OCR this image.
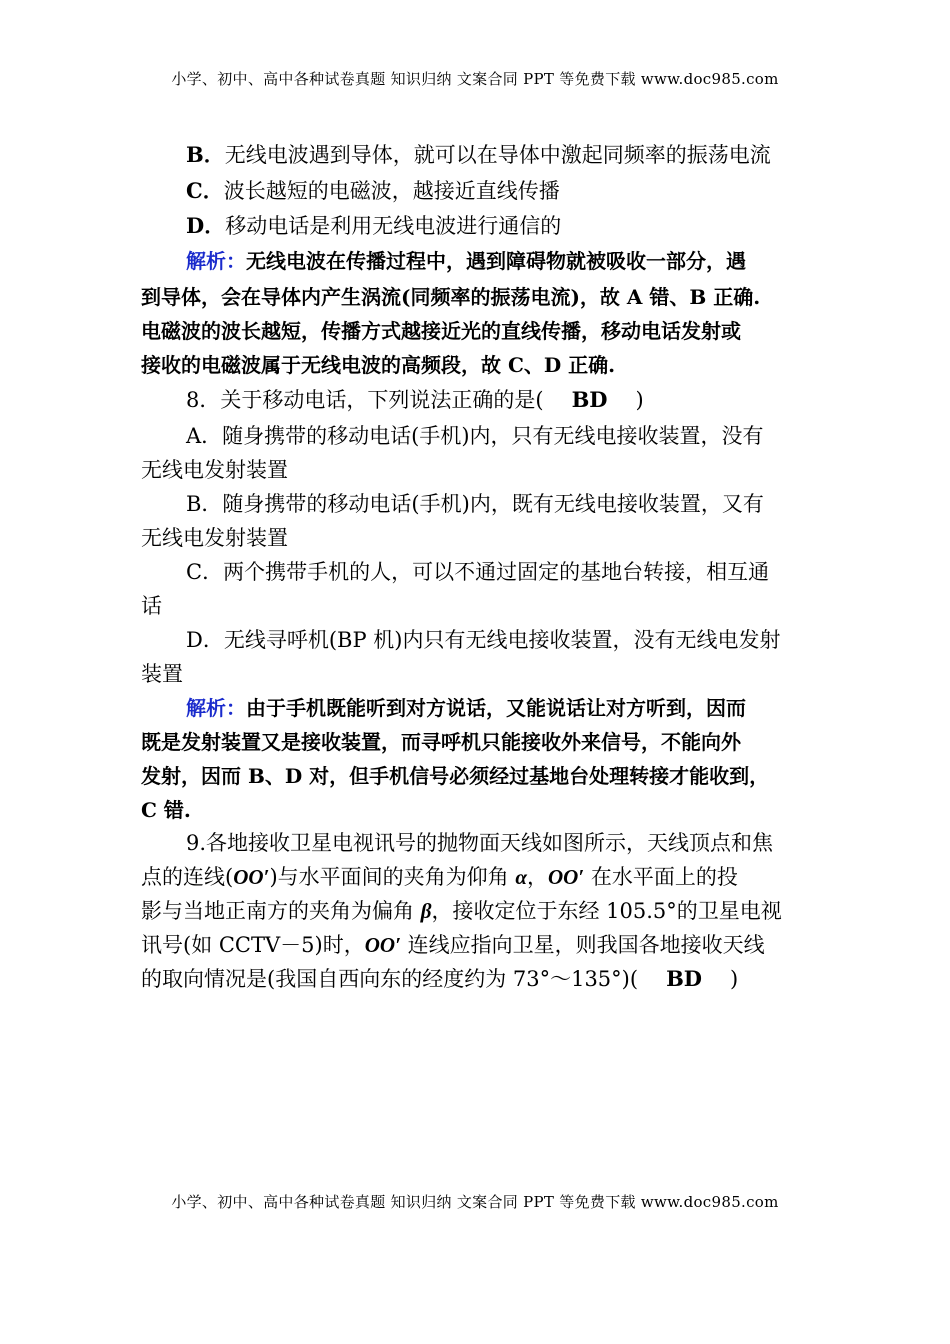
小学、初中、高中各种试卷真题 知识归纳 文案合同 PPT 等免费下载 www.doc985.com
B．无线电波遇到导体，就可以在导体中激起同频率的振荡电流
C．波长越短的电磁波，越接近直线传播
D．移动电话是利用无线电波进行通信的
解析：无线电波在传播过程中，遇到障碍物就被吸收一部分，遇
到导体，会在导体内产生涡流(同频率的振荡电流)，故 A 错、B 正确.
电磁波的波长越短，传播方式越接近光的直线传播，移动电话发射或
接收的电磁波属于无线电波的高频段，故 C、D 正确.
8．关于移动电话，下列说法正确的是( BD )
A．随身携带的移动电话(手机)内，只有无线电接收装置，没有
无线电发射装置
B．随身携带的移动电话(手机)内，既有无线电接收装置，又有
无线电发射装置
C．两个携带手机的人，可以不通过固定的基地台转接，相互通
话
D．无线寻呼机(BP 机)内只有无线电接收装置，没有无线电发射
装置
解析：由于手机既能听到对方说话，又能说话让对方听到，因而
既是发射装置又是接收装置，而寻呼机只能接收外来信号，不能向外
发射，因而 B、D 对，但手机信号必须经过基地台处理转接才能收到，
C 错.
9.各地接收卫星电视讯号的抛物面天线如图所示，天线顶点和焦
点的连线(OO′)与水平面间的夹角为仰角 α，OO′ 在水平面上的投
影与当地正南方的夹角为偏角 β，接收定位于东经 105.5°的卫星电视
讯号(如 CCTV－5)时，OO′ 连线应指向卫星，则我国各地接收天线
的取向情况是(我国自西向东的经度约为 73°～135°)( BD )
小学、初中、高中各种试卷真题 知识归纳 文案合同 PPT 等免费下载 www.doc985.com
